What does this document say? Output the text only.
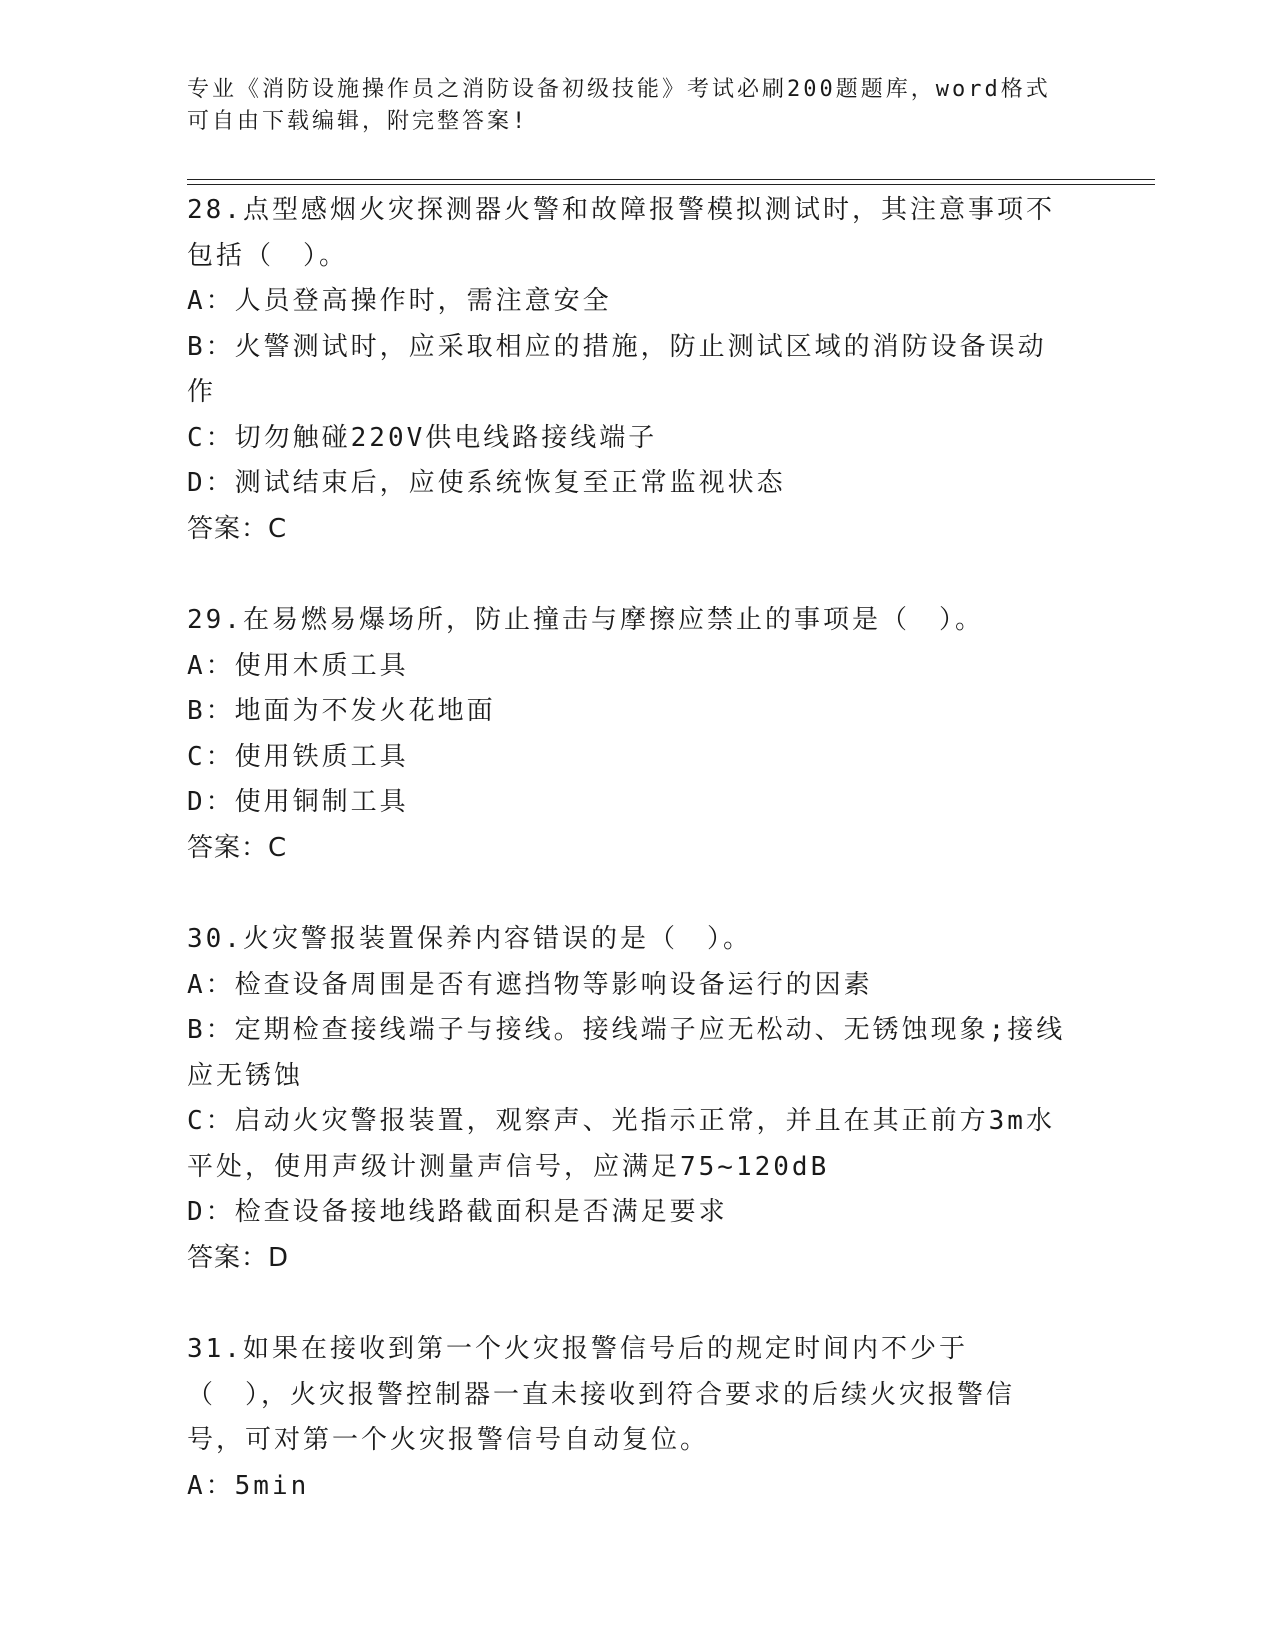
专业《消防设施操作员之消防设备初级技能》考试必刷200题题库，word格式可自由下载编辑，附完整答案!
28.点型感烟火灾探测器火警和故障报警模拟测试时，其注意事项不包括（　）。
A：人员登高操作时，需注意安全
B：火警测试时，应采取相应的措施，防止测试区域的消防设备误动作
C：切勿触碰220V供电线路接线端子
D：测试结束后，应使系统恢复至正常监视状态
答案：C
29.在易燃易爆场所，防止撞击与摩擦应禁止的事项是（　）。
A：使用木质工具
B：地面为不发火花地面
C：使用铁质工具
D：使用铜制工具
答案：C
30.火灾警报装置保养内容错误的是（　）。
A：检查设备周围是否有遮挡物等影响设备运行的因素
B：定期检查接线端子与接线。接线端子应无松动、无锈蚀现象;接线应无锈蚀
C：启动火灾警报装置，观察声、光指示正常，并且在其正前方3m水平处，使用声级计测量声信号，应满足75~120dB
D：检查设备接地线路截面积是否满足要求
答案：D
31.如果在接收到第一个火灾报警信号后的规定时间内不少于（　），火灾报警控制器一直未接收到符合要求的后续火灾报警信号，可对第一个火灾报警信号自动复位。
A：5min
